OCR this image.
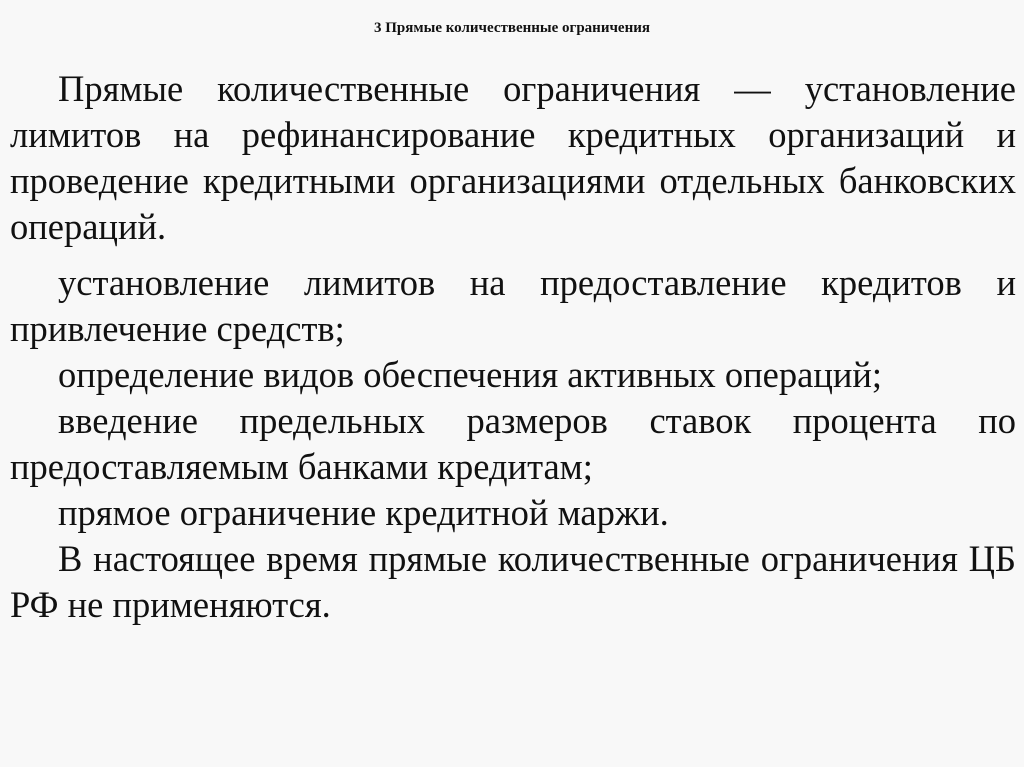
3 Прямые количественные ограничения

Прямые количественные ограничения — установление лимитов на рефинансирование кредитных организаций и проведение кредитными организациями отдельных банковских операций.

установление лимитов на предоставление кредитов и привлечение средств;

определение видов обеспечения активных операций;

введение предельных размеров ставок процента по предоставляемым банками кредитам;

прямое ограничение кредитной маржи.

В настоящее время прямые количественные ограничения ЦБ РФ не применяются.
